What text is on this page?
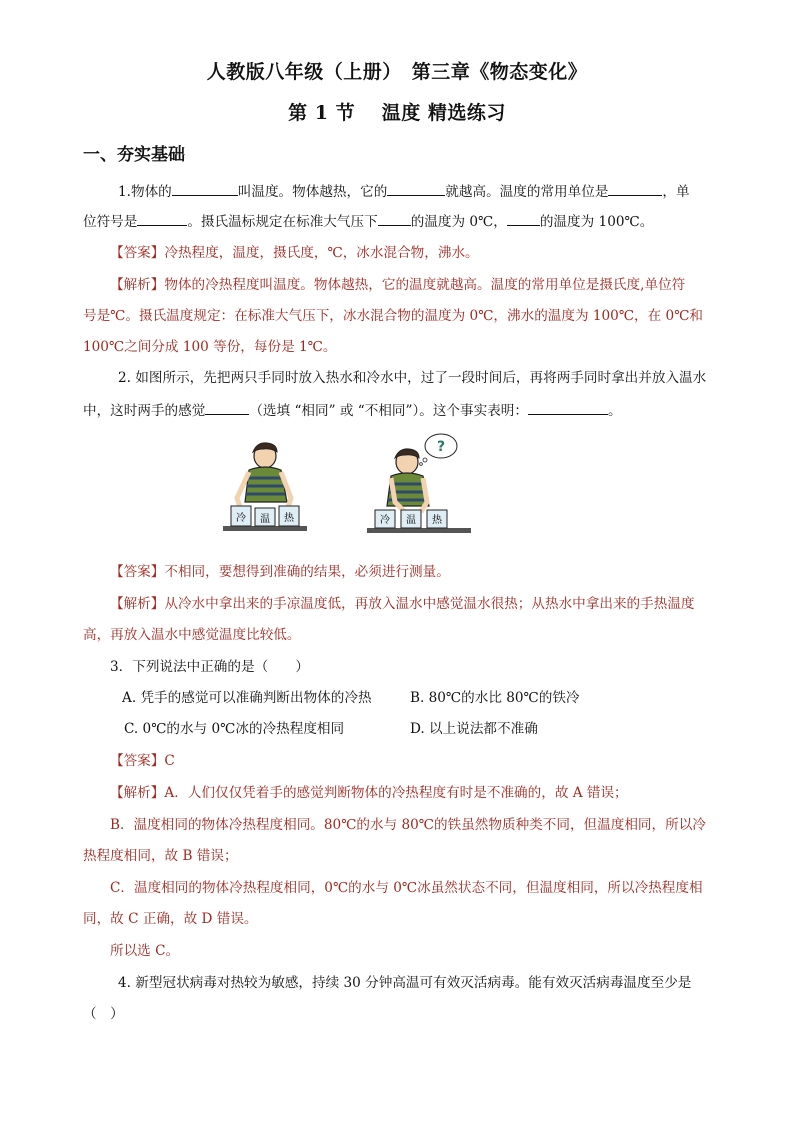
人教版八年级（上册）　第三章《物态变化》
第 1 节　 温度 精选练习
一、夯实基础
1.物体的	叫温度。物体越热，它的	就越高。温度的常用单位是	，单
位符号是	。摄氏温标规定在标准大气压下 的温度为 0℃， 的温度为 100℃。
【答案】冷热程度，温度，摄氏度，℃，冰水混合物，沸水。
【解析】物体的冷热程度叫温度。物体越热，它的温度就越高。温度的常用单位是摄氏度,单位符
号是℃。摄氏温度规定：在标准大气压下，冰水混合物的温度为 0℃，沸水的温度为 100℃，在 0℃和
100℃之间分成 100 等份，每份是 1℃。
2. 如图所示，先把两只手同时放入热水和冷水中，过了一段时间后，再将两手同时拿出并放入温水
中，这时两手的感觉	（选填 “相同” 或 “不相同”）。这个事实表明：	。
冷 温 热
?
冷 温 热
【答案】不相同，要想得到准确的结果，必须进行测量。
【解析】从冷水中拿出来的手凉温度低，再放入温水中感觉温水很热；从热水中拿出来的手热温度
高，再放入温水中感觉温度比较低。
3．下列说法中正确的是（　　）
A. 凭手的感觉可以准确判断出物体的冷热	B. 80℃的水比 80℃的铁冷
C. 0℃的水与 0℃冰的冷热程度相同	D. 以上说法都不准确
【答案】C
【解析】A．人们仅仅凭着手的感觉判断物体的冷热程度有时是不准确的，故 A 错误；
B．温度相同的物体冷热程度相同。80℃的水与 80℃的铁虽然物质种类不同，但温度相同，所以冷
热程度相同，故 B 错误；
C．温度相同的物体冷热程度相同，0℃的水与 0℃冰虽然状态不同，但温度相同，所以冷热程度相
同，故 C 正确，故 D 错误。
所以选 C。
4. 新型冠状病毒对热较为敏感，持续 30 分钟高温可有效灭活病毒。能有效灭活病毒温度至少是
（　）
